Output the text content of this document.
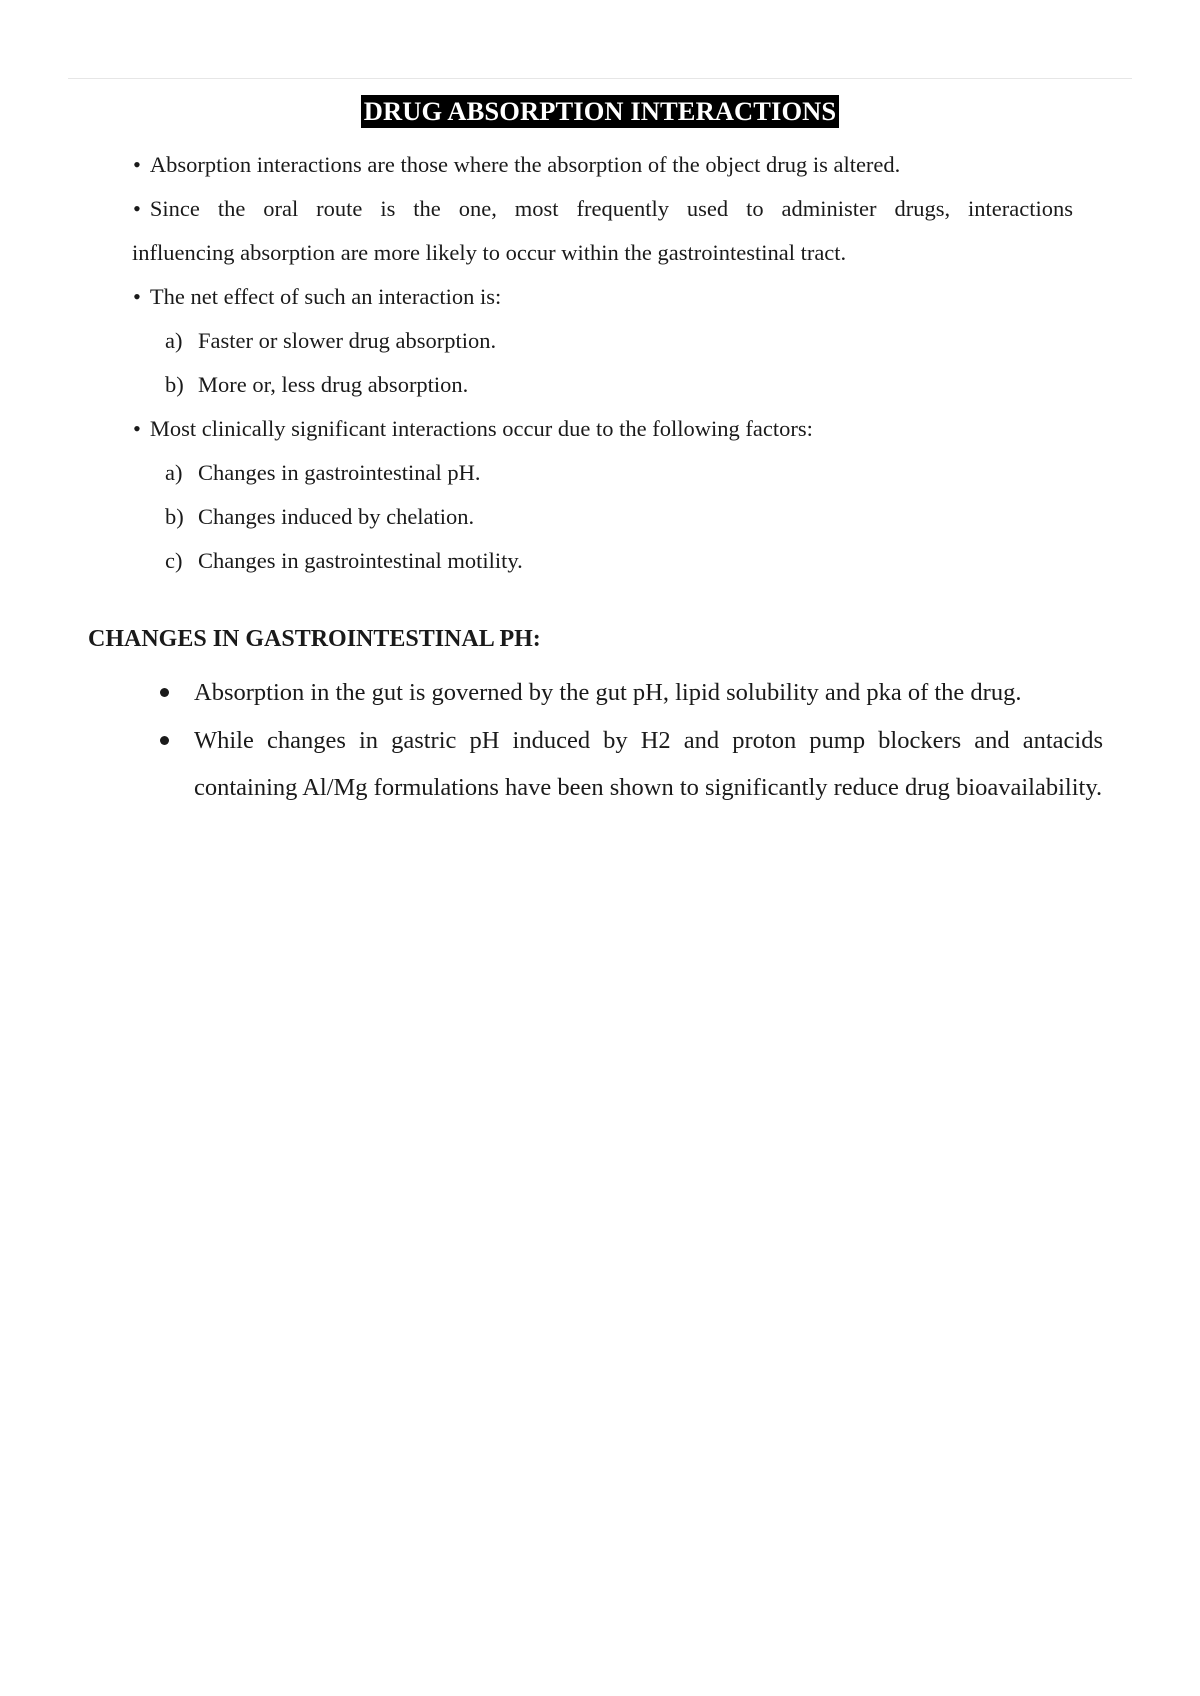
DRUG ABSORPTION INTERACTIONS

• Absorption interactions are those where the absorption of the object drug is altered.

• Since the oral route is the one, most frequently used to administer drugs, interactions

influencing absorption are more likely to occur within the gastrointestinal tract.

• The net effect of such an interaction is:

a) Faster or slower drug absorption.
b) More or, less drug absorption.

• Most clinically significant interactions occur due to the following factors:

a) Changes in gastrointestinal pH.
b) Changes induced by chelation.
c) Changes in gastrointestinal motility.
CHANGES IN GASTROINTESTINAL PH:
Absorption in the gut is governed by the gut pH, lipid solubility and pka of the drug.
While changes in gastric pH induced by H2 and proton pump blockers and antacids containing Al/Mg formulations have been shown to significantly reduce drug bioavailability.
